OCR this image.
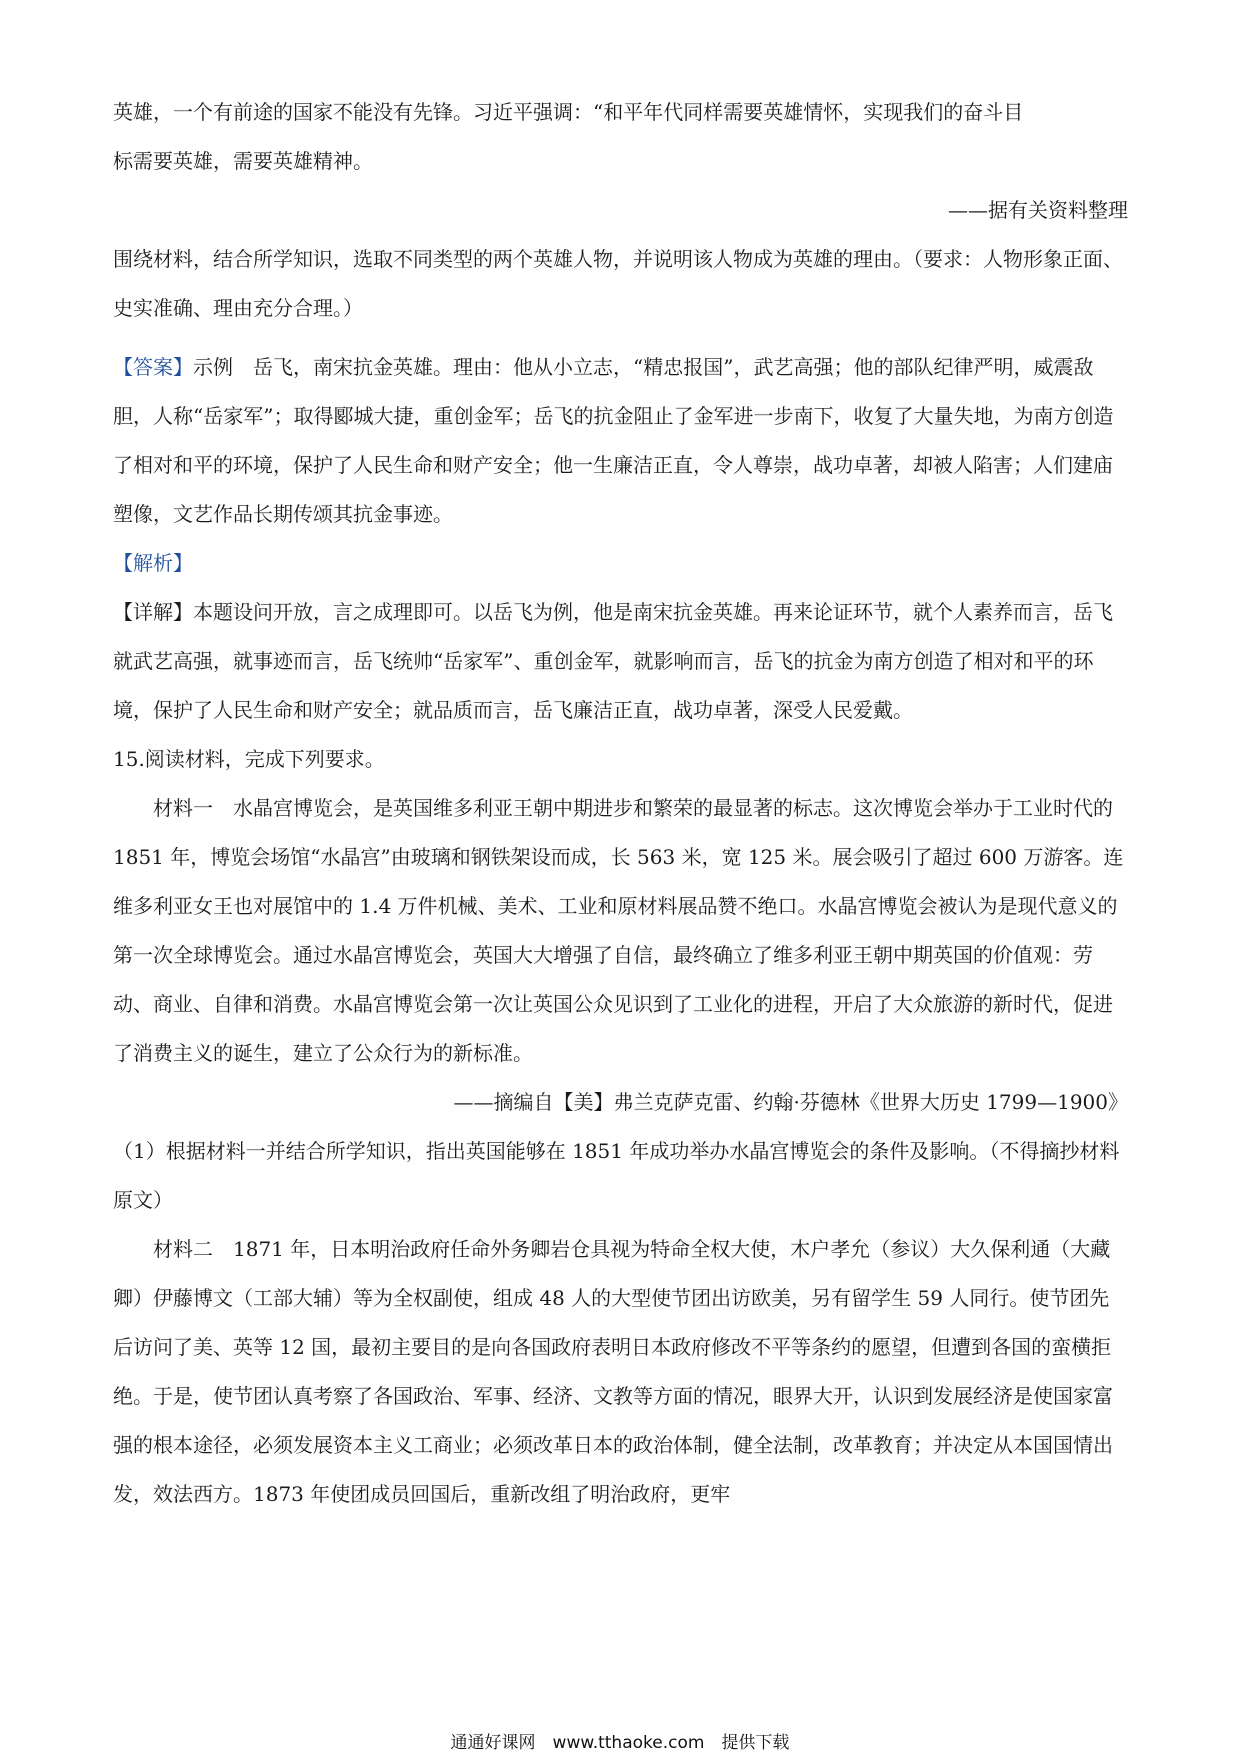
英雄，一个有前途的国家不能没有先锋。习近平强调：“和平年代同样需要英雄情怀，实现我们的奋斗目

标需要英雄，需要英雄精神。

——据有关资料整理

围绕材料，结合所学知识，选取不同类型的两个英雄人物，并说明该人物成为英雄的理由。（要求：人物形象正面、史实准确、理由充分合理。）

【答案】示例　岳飞，南宋抗金英雄。理由：他从小立志，“精忠报国”，武艺高强；他的部队纪律严明，威震敌胆，人称“岳家军”；取得郾城大捷，重创金军；岳飞的抗金阻止了金军进一步南下，收复了大量失地，为南方创造了相对和平的环境，保护了人民生命和财产安全；他一生廉洁正直，令人尊崇，战功卓著，却被人陷害；人们建庙塑像，文艺作品长期传颂其抗金事迹。

【解析】

【详解】本题设问开放，言之成理即可。以岳飞为例，他是南宋抗金英雄。再来论证环节，就个人素养而言，岳飞就武艺高强，就事迹而言，岳飞统帅“岳家军”、重创金军，就影响而言，岳飞的抗金为南方创造了相对和平的环境，保护了人民生命和财产安全；就品质而言，岳飞廉洁正直，战功卓著，深受人民爱戴。

15.阅读材料，完成下列要求。

材料一　水晶宫博览会，是英国维多利亚王朝中期进步和繁荣的最显著的标志。这次博览会举办于工业时代的 1851 年，博览会场馆“水晶宫”由玻璃和钢铁架设而成，长 563 米，宽 125 米。展会吸引了超过 600 万游客。连维多利亚女王也对展馆中的 1.4 万件机械、美术、工业和原材料展品赞不绝口。水晶宫博览会被认为是现代意义的第一次全球博览会。通过水晶宫博览会，英国大大增强了自信，最终确立了维多利亚王朝中期英国的价值观：劳动、商业、自律和消费。水晶宫博览会第一次让英国公众见识到了工业化的进程，开启了大众旅游的新时代，促进了消费主义的诞生，建立了公众行为的新标准。

——摘编自【美】弗兰克萨克雷、约翰·芬德林《世界大历史 1799—1900》

（1）根据材料一并结合所学知识，指出英国能够在 1851 年成功举办水晶宫博览会的条件及影响。（不得摘抄材料原文）

材料二　1871 年，日本明治政府任命外务卿岩仓具视为特命全权大使，木户孝允（参议）大久保利通（大藏卿）伊藤博文（工部大辅）等为全权副使，组成 48 人的大型使节团出访欧美，另有留学生 59 人同行。使节团先后访问了美、英等 12 国，最初主要目的是向各国政府表明日本政府修改不平等条约的愿望，但遭到各国的蛮横拒绝。于是，使节团认真考察了各国政治、军事、经济、文教等方面的情况，眼界大开，认识到发展经济是使国家富强的根本途径，必须发展资本主义工商业；必须改革日本的政治体制，健全法制，改革教育；并决定从本国国情出发，效法西方。1873 年使团成员回国后，重新改组了明治政府，更牢

通通好课网　www.tthaoke.com　提供下载
